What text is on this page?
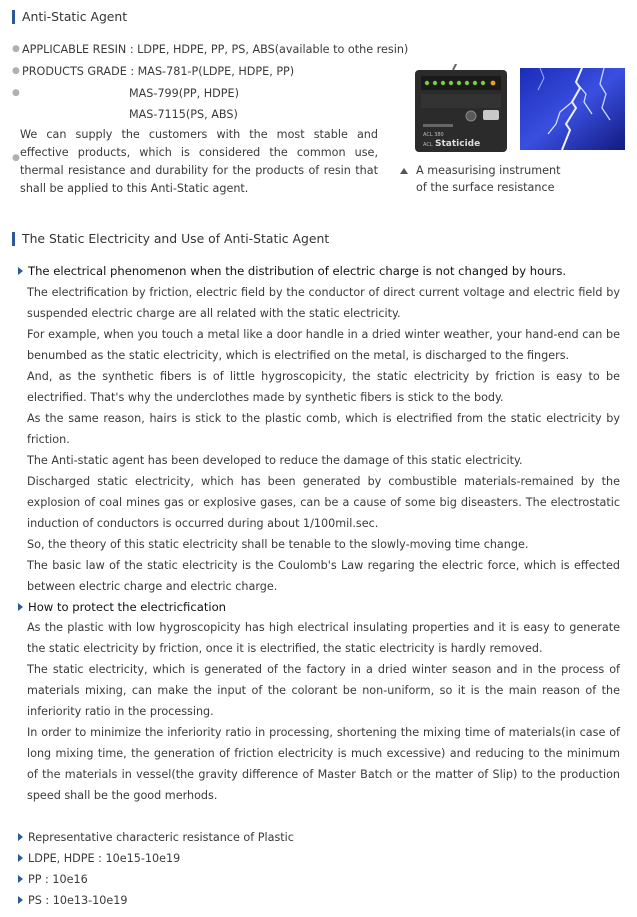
Anti-Static Agent
● APPLICABLE RESIN : LDPE, HDPE, PP, PS, ABS(available to othe resin)
● PRODUCTS GRADE : MAS-781-P(LDPE, HDPE, PP)
●	MAS-799(PP, HDPE)
MAS-7115(PS, ABS)
●
We can supply the customers with the most stable and effective products, which is considered the common use, thermal resistance and durability for the products of resin that shall be applied to this Anti-Static agent.
ACL 380
Staticide
ACL
A measurising instrument
of the surface resistance
The Static Electricity and Use of Anti-Static Agent
The electrical phenomenon when the distribution of electric charge is not changed by hours.
The electrification by friction, electric field by the conductor of direct current voltage and electric field by suspended electric charge are all related with the static electricity.
For example, when you touch a metal like a door handle in a dried winter weather, your hand-end can be benumbed as the static electricity, which is electrified on the metal, is discharged to the fingers.
And, as the synthetic fibers is of little hygroscopicity, the static electricity by friction is easy to be electrified. That's why the underclothes made by synthetic fibers is stick to the body.
As the same reason, hairs is stick to the plastic comb, which is electrified from the static electricity by friction.
The Anti-static agent has been developed to reduce the damage of this static electricity.
Discharged static electricity, which has been generated by combustible materials-remained by the explosion of coal mines gas or explosive gases, can be a cause of some big diseasters. The electrostatic induction of conductors is occurred during about 1/100mil.sec.
So, the theory of this static electricity shall be tenable to the slowly-moving time change.
The basic law of the static electricity is the Coulomb's Law regaring the electric force, which is effected between electric charge and electric charge.
How to protect the electricfication
As the plastic with low hygroscopicity has high electrical insulating properties and it is easy to generate the static electricity by friction, once it is electrified, the static electricity is hardly removed.
The static electricity, which is generated of the factory in a dried winter season and in the process of materials mixing, can make the input of the colorant be non-uniform, so it is the main reason of the inferiority ratio in the processing.
In order to minimize the inferiority ratio in processing, shortening the mixing time of materials(in case of long mixing time, the generation of friction electricity is much excessive) and reducing to the minimum of the materials in vessel(the gravity difference of Master Batch or the matter of Slip) to the production speed shall be the good merhods.
Representative characteric resistance of Plastic
LDPE, HDPE : 10e15-10e19
PP : 10e16
PS : 10e13-10e19
